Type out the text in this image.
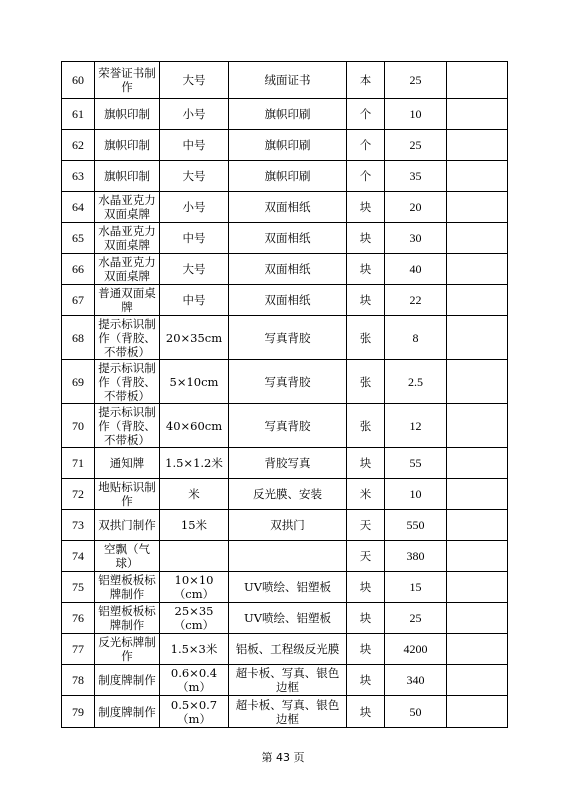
60	荣誉证书制作	大号	绒面证书	本	25	
61	旗帜印制	小号	旗帜印刷	个	10	
62	旗帜印制	中号	旗帜印刷	个	25	
63	旗帜印制	大号	旗帜印刷	个	35	
64	水晶亚克力双面桌牌	小号	双面相纸	块	20	
65	水晶亚克力双面桌牌	中号	双面相纸	块	30	
66	水晶亚克力双面桌牌	大号	双面相纸	块	40	
67	普通双面桌牌	中号	双面相纸	块	22	
68	提示标识制作（背胶、不带板）	20×35cm	写真背胶	张	8	
69	提示标识制作（背胶、不带板）	5×10cm	写真背胶	张	2.5	
70	提示标识制作（背胶、不带板）	40×60cm	写真背胶	张	12	
71	通知牌	1.5×1.2米	背胶写真	块	55	
72	地贴标识制作	米	反光膜、安装	米	10	
73	双拱门制作	15米	双拱门	天	550	
74	空飘（气球）			天	380	
75	铝塑板板标牌制作	10×10（cm）	UV喷绘、铝塑板	块	15	
76	铝塑板板标牌制作	25×35（cm）	UV喷绘、铝塑板	块	25	
77	反光标牌制作	1.5×3米	铝板、工程级反光膜	块	4200	
78	制度牌制作	0.6×0.4（m）	超卡板、写真、银色边框	块	340	
79	制度牌制作	0.5×0.7（m）	超卡板、写真、银色边框	块	50	
第 43 页
